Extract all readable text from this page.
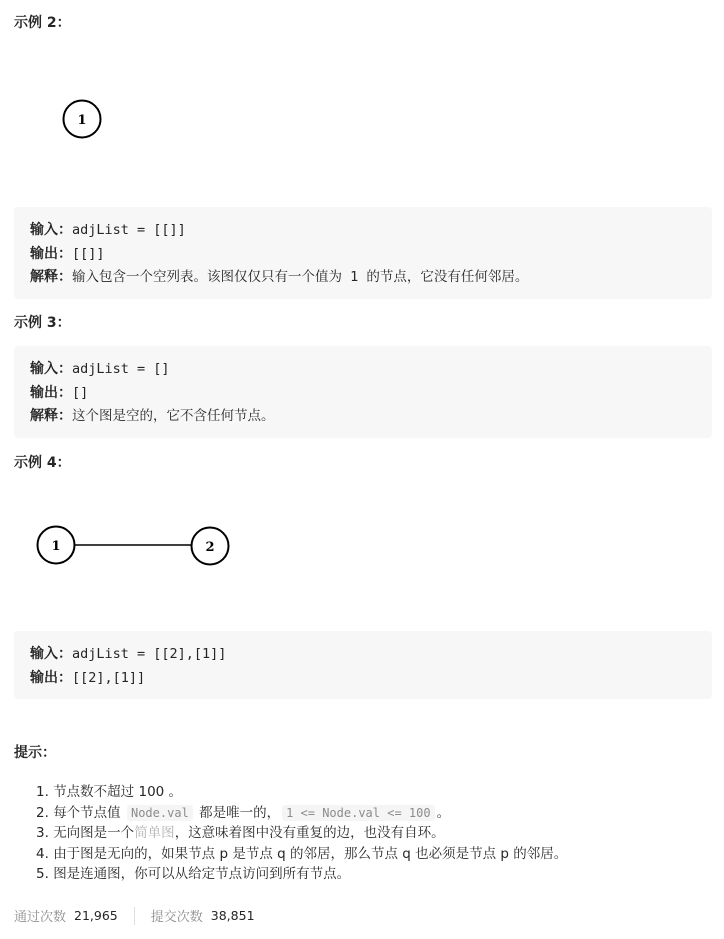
示例 2：
1
输入：adjList = [[]]
输出：[[]]
解释：输入包含一个空列表。该图仅仅只有一个值为 1 的节点，它没有任何邻居。
示例 3：
输入：adjList = []
输出：[]
解释：这个图是空的，它不含任何节点。
示例 4：
1	2
输入：adjList = [[2],[1]]
输出：[[2],[1]]
提示：
1. 节点数不超过 100 。
2. 每个节点值 Node.val 都是唯一的， 1 <= Node.val <= 100 。
3. 无向图是一个简单图，这意味着图中没有重复的边，也没有自环。
4. 由于图是无向的，如果节点 p 是节点 q 的邻居，那么节点 q 也必须是节点 p 的邻居。
5. 图是连通图，你可以从给定节点访问到所有节点。
通过次数 21,965	提交次数 38,851
